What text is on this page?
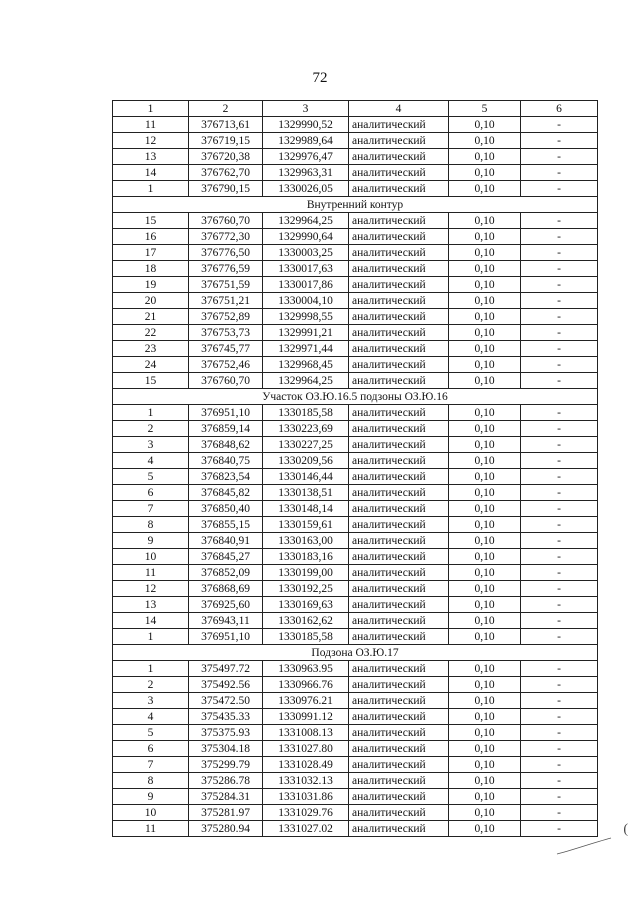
72
1	2	3	4	5	6
11	376713,61	1329990,52	аналитический	0,10	-
12	376719,15	1329989,64	аналитический	0,10	-
13	376720,38	1329976,47	аналитический	0,10	-
14	376762,70	1329963,31	аналитический	0,10	-
1	376790,15	1330026,05	аналитический	0,10	-
Внутренний контур					
15	376760,70	1329964,25	аналитический	0,10	-
16	376772,30	1329990,64	аналитический	0,10	-
17	376776,50	1330003,25	аналитический	0,10	-
18	376776,59	1330017,63	аналитический	0,10	-
19	376751,59	1330017,86	аналитический	0,10	-
20	376751,21	1330004,10	аналитический	0,10	-
21	376752,89	1329998,55	аналитический	0,10	-
22	376753,73	1329991,21	аналитический	0,10	-
23	376745,77	1329971,44	аналитический	0,10	-
24	376752,46	1329968,45	аналитический	0,10	-
15	376760,70	1329964,25	аналитический	0,10	-
Участок ОЗ.Ю.16.5 подзоны ОЗ.Ю.16					
1	376951,10	1330185,58	аналитический	0,10	-
2	376859,14	1330223,69	аналитический	0,10	-
3	376848,62	1330227,25	аналитический	0,10	-
4	376840,75	1330209,56	аналитический	0,10	-
5	376823,54	1330146,44	аналитический	0,10	-
6	376845,82	1330138,51	аналитический	0,10	-
7	376850,40	1330148,14	аналитический	0,10	-
8	376855,15	1330159,61	аналитический	0,10	-
9	376840,91	1330163,00	аналитический	0,10	-
10	376845,27	1330183,16	аналитический	0,10	-
11	376852,09	1330199,00	аналитический	0,10	-
12	376868,69	1330192,25	аналитический	0,10	-
13	376925,60	1330169,63	аналитический	0,10	-
14	376943,11	1330162,62	аналитический	0,10	-
1	376951,10	1330185,58	аналитический	0,10	-
Подзона ОЗ.Ю.17					
1	375497.72	1330963.95	аналитический	0,10	-
2	375492.56	1330966.76	аналитический	0,10	-
3	375472.50	1330976.21	аналитический	0,10	-
4	375435.33	1330991.12	аналитический	0,10	-
5	375375.93	1331008.13	аналитический	0,10	-
6	375304.18	1331027.80	аналитический	0,10	-
7	375299.79	1331028.49	аналитический	0,10	-
8	375286.78	1331032.13	аналитический	0,10	-
9	375284.31	1331031.86	аналитический	0,10	-
10	375281.97	1331029.76	аналитический	0,10	-
11	375280.94	1331027.02	аналитический	0,10	-	(
